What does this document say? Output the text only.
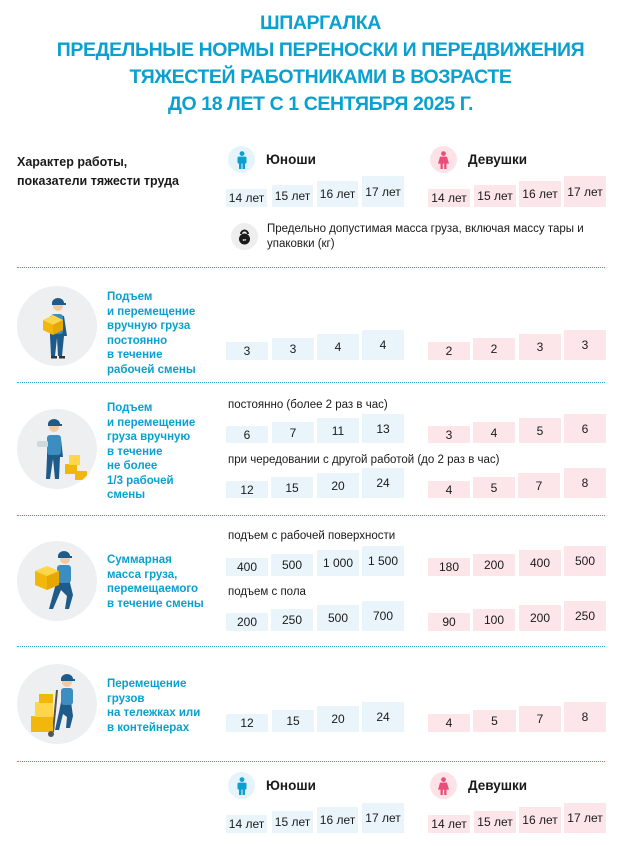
ШПАРГАЛКА
ПРЕДЕЛЬНЫЕ НОРМЫ ПЕРЕНОСКИ И ПЕРЕДВИЖЕНИЯ
ТЯЖЕСТЕЙ РАБОТНИКАМИ В ВОЗРАСТЕ
ДО 18 ЛЕТ С 1 СЕНТЯБРЯ 2025 Г.
Характер работы,
показатели тяжести труда
Юноши	Девушки
14 лет 15 лет 16 лет 17 лет	14 лет 15 лет 16 лет 17 лет
кг
Предельно допустимая масса груза, включая массу тары и упаковки (кг)
Подъем
и перемещение
вручную груза
постоянно
в течение
рабочей смены
3	3	4	4	2	2	3	3
Подъем
и перемещение
груза вручную
в течение
не более
1/3 рабочей
смены
постоянно (более 2 раз в час)
6	7	11	13	3	4	5	6
при чередовании с другой работой (до 2 раз в час)
12	15	20	24	4	5	7	8
Суммарная
масса груза,
перемещаемого
в течение смены
подъем с рабочей поверхности
400	500	1 000	1 500	180	200	400	500
подъем с пола
200	250	500	700	90	100	200	250
Перемещение
грузов
на тележках или
в контейнерах	12	15	20	24	4	5	7	8
Юноши	Девушки
14 лет 15 лет 16 лет 17 лет	14 лет 15 лет 16 лет 17 лет
